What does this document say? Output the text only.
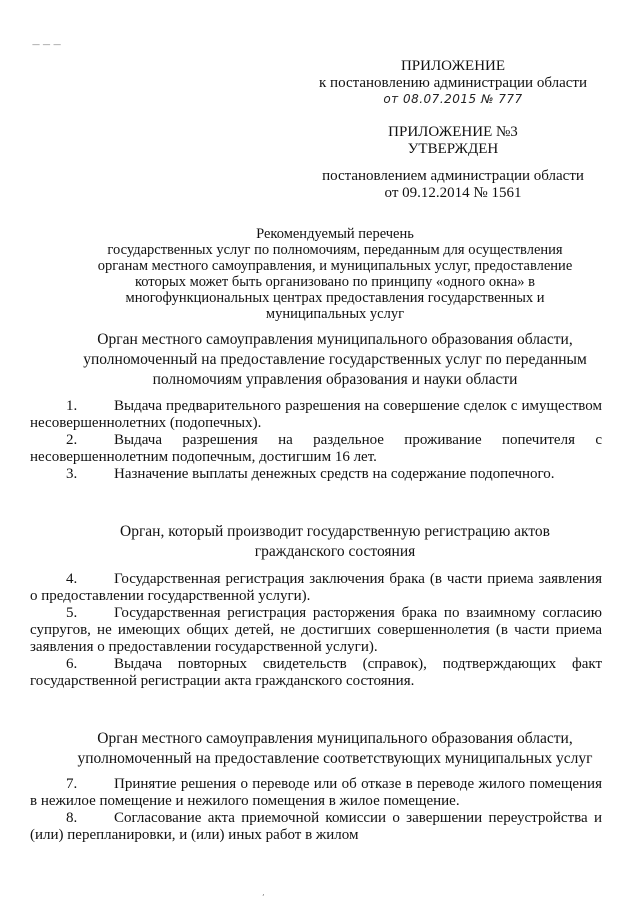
— — —
ПРИЛОЖЕНИЕ
к постановлению администрации области
от 08.07.2015 № 777
ПРИЛОЖЕНИЕ №3
УТВЕРЖДЕН
постановлением администрации области
от 09.12.2014 № 1561
Рекомендуемый перечень
государственных услуг по полномочиям, переданным для осуществления
органам местного самоуправления, и муниципальных услуг, предоставление
которых может быть организовано по принципу «одного окна» в
многофункциональных центрах предоставления государственных и
муниципальных услуг
Орган местного самоуправления муниципального образования области,
уполномоченный на предоставление государственных услуг по переданным
полномочиям управления образования и науки области

1. Выдача предварительного разрешения на совершение сделок с имуществом несовершеннолетних (подопечных).

2. Выдача разрешения на раздельное проживание попечителя с несовершеннолетним подопечным, достигшим 16 лет.

3. Назначение выплаты денежных средств на содержание подопечного.

Орган, который производит государственную регистрацию актов
гражданского состояния

4. Государственная регистрация заключения брака (в части приема заявления о предоставлении государственной услуги).

5. Государственная регистрация расторжения брака по взаимному согласию супругов, не имеющих общих детей, не достигших совершеннолетия (в части приема заявления о предоставлении государственной услуги).

6. Выдача повторных свидетельств (справок), подтверждающих факт государственной регистрации акта гражданского состояния.

Орган местного самоуправления муниципального образования области,
уполномоченный на предоставление соответствующих муниципальных услуг

7. Принятие решения о переводе или об отказе в переводе жилого помещения в нежилое помещение и нежилого помещения в жилое помещение.

8. Согласование акта приемочной комиссии о завершении переустройства и (или) перепланировки, и (или) иных работ в жилом

‚
